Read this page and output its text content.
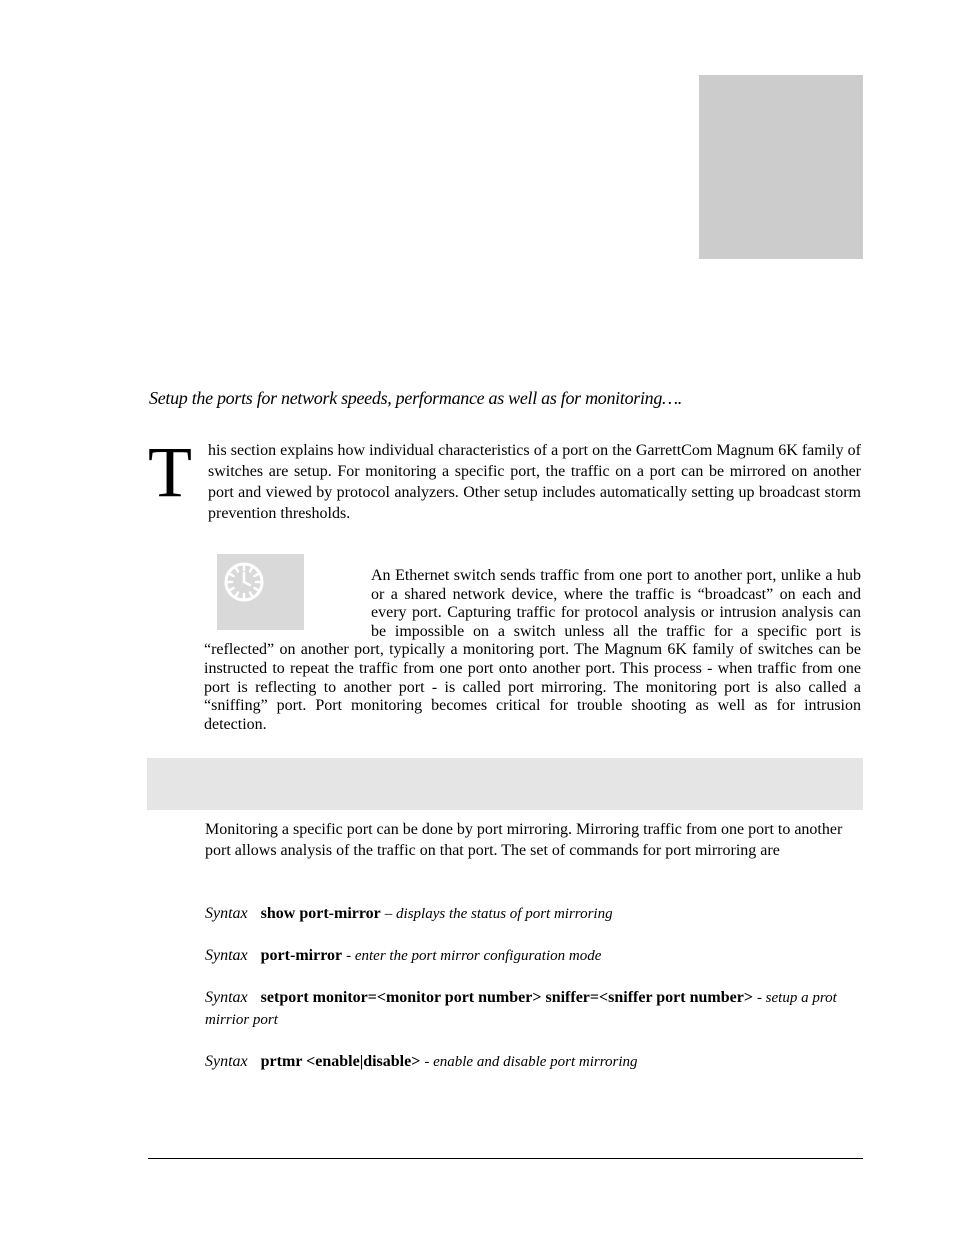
Setup the ports for network speeds, performance as well as for monitoring….
T his section explains how individual characteristics of a port on the GarrettCom Magnum 6K family of switches are setup. For monitoring a specific port, the traffic on a port can be mirrored on another port and viewed by protocol analyzers. Other setup includes automatically setting up broadcast storm prevention thresholds.
An Ethernet switch sends traffic from one port to another port, unlike a hub or a shared network device, where the traffic is “broadcast” on each and every port. Capturing traffic for protocol analysis or intrusion analysis can be impossible on a switch unless all the traffic for a specific port is “reflected” on another port, typically a monitoring port. The Magnum 6K family of switches can be instructed to repeat the traffic from one port onto another port. This process - when traffic from one port is reflecting to another port - is called port mirroring. The monitoring port is also called a “sniffing” port. Port monitoring becomes critical for trouble shooting as well as for intrusion detection.
Monitoring a specific port can be done by port mirroring. Mirroring traffic from one port to another port allows analysis of the traffic on that port. The set of commands for port mirroring are
Syntax show port-mirror – displays the status of port mirroring
Syntax port-mirror - enter the port mirror configuration mode
Syntax setport monitor=<monitor port number> sniffer=<sniffer port number> - setup a prot mirrior port
Syntax prtmr <enable|disable> - enable and disable port mirroring
